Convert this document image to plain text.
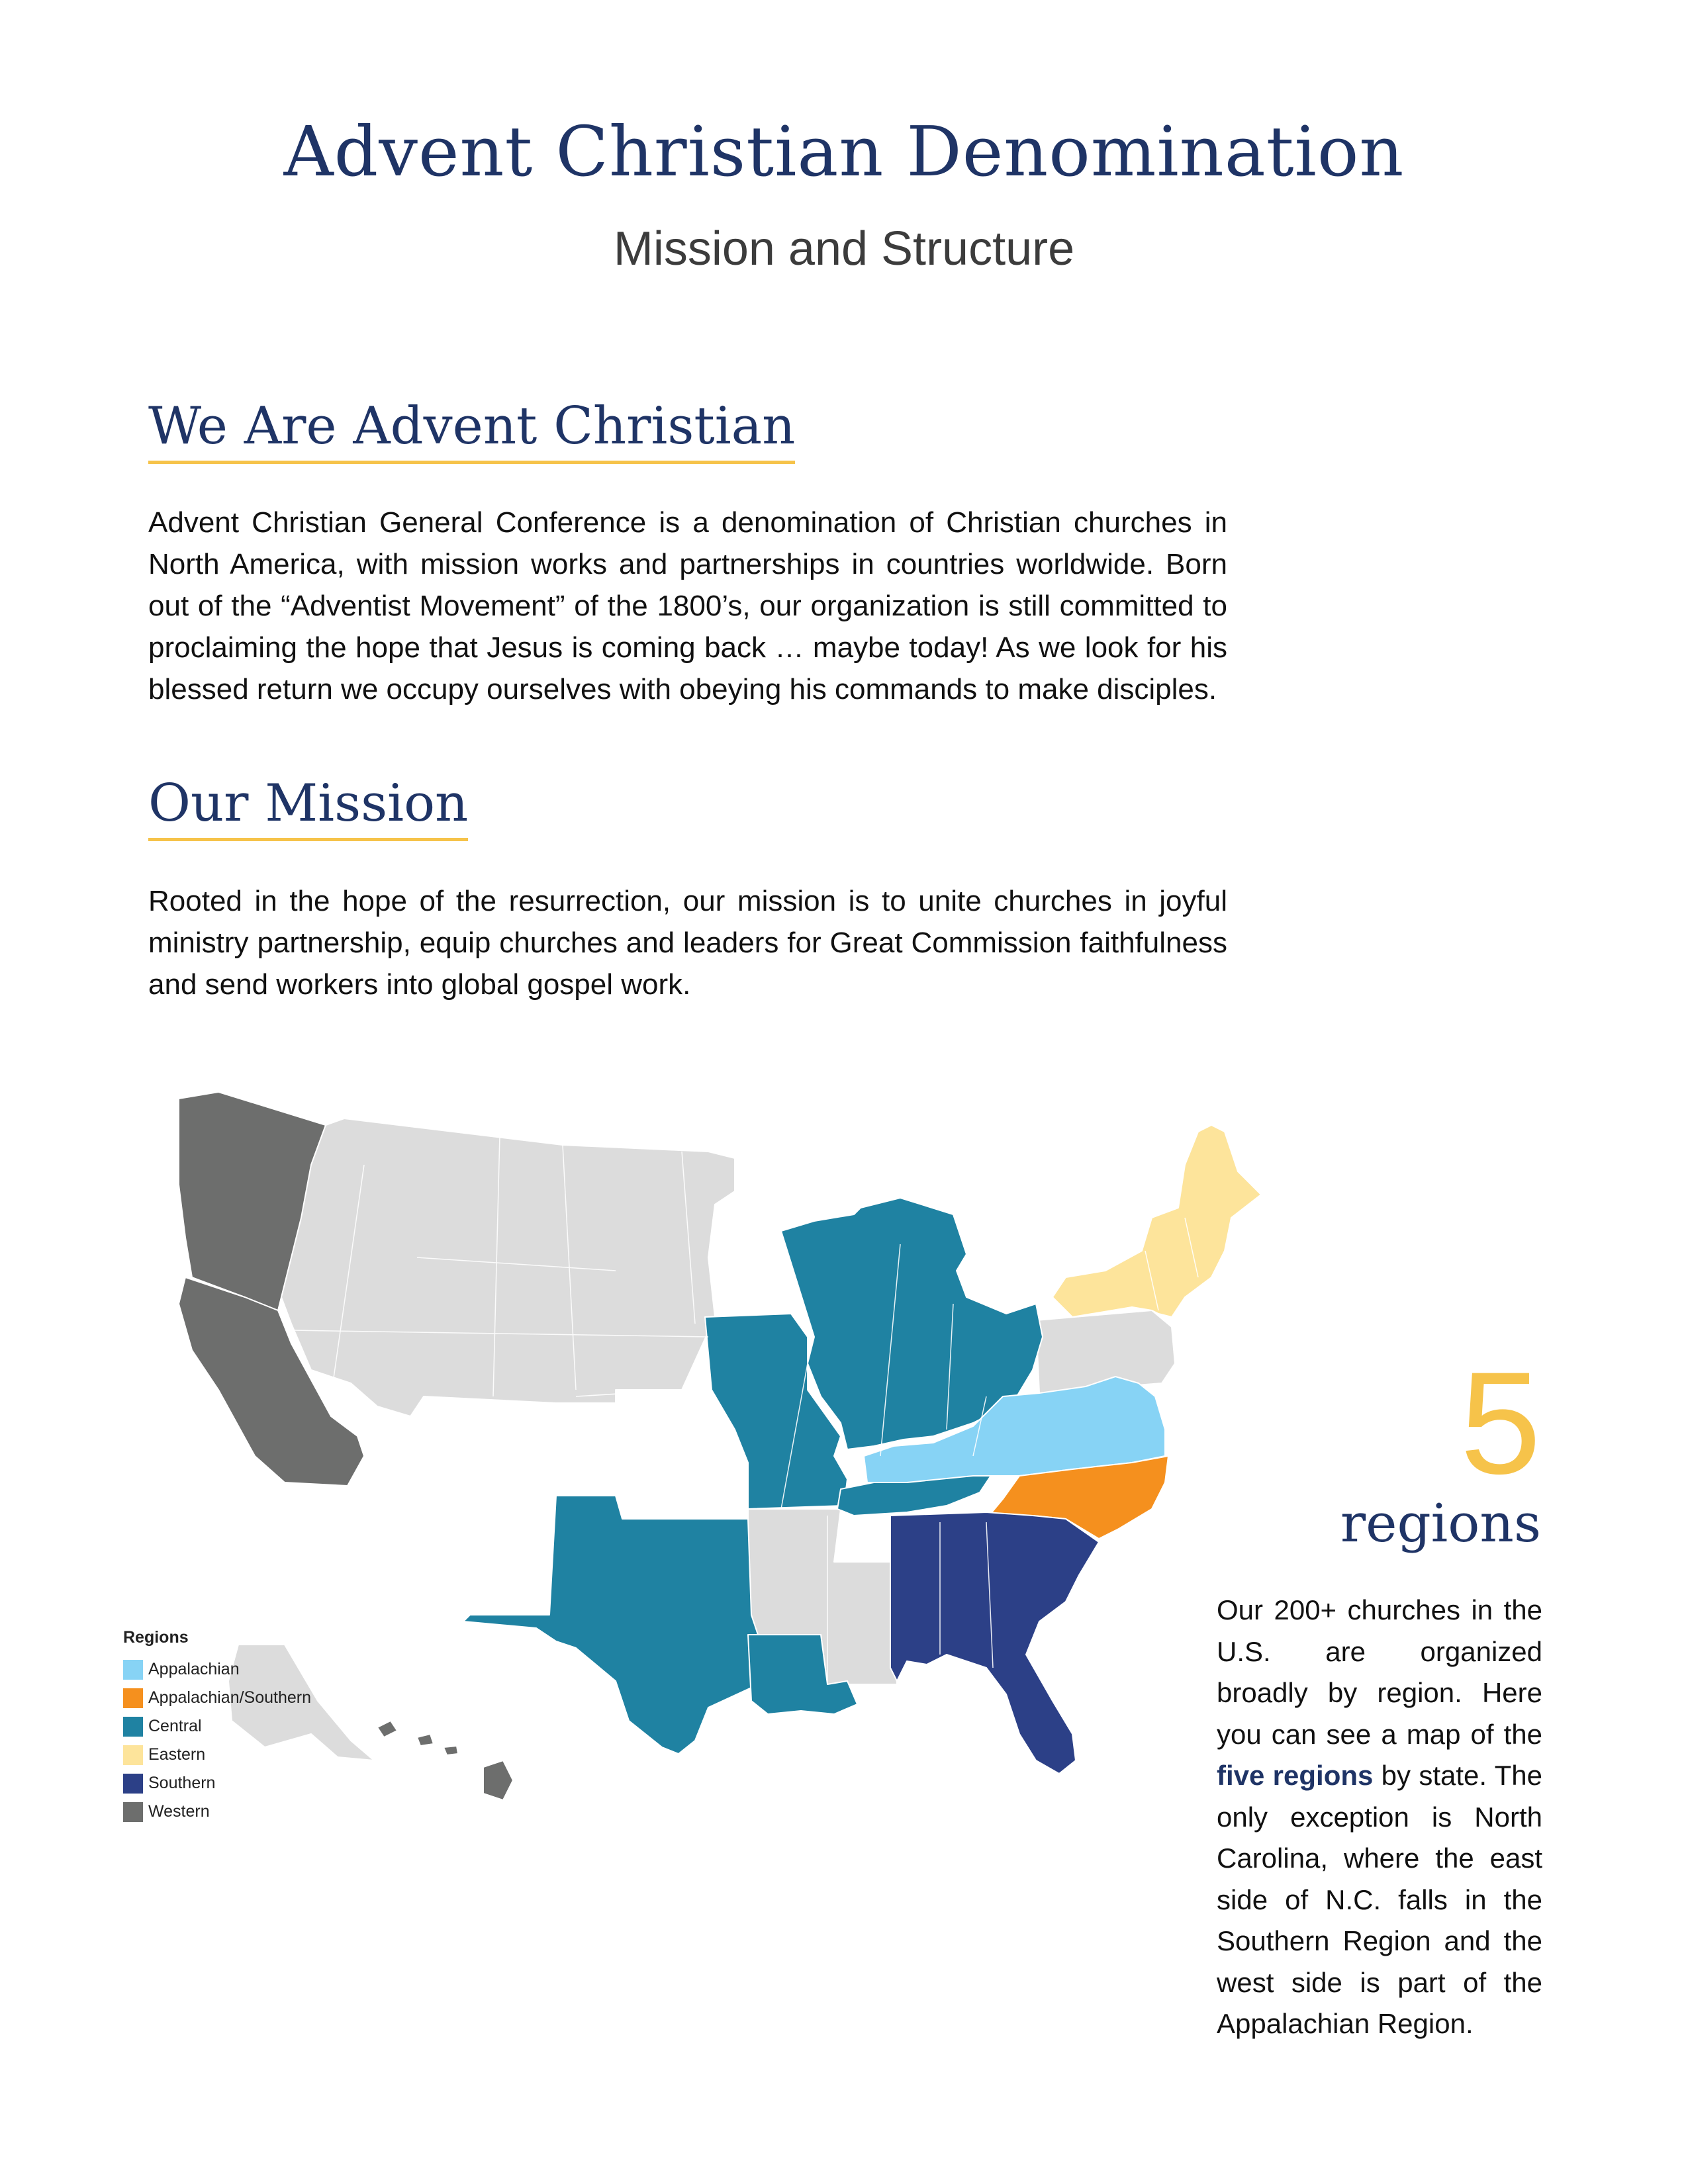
Advent Christian Denomination
Mission and Structure
We Are Advent Christian
Advent Christian General Conference is a denomination of Christian churches in North America, with mission works and partnerships in countries worldwide. Born out of the “Adventist Movement” of the 1800’s, our organization is still committed to proclaiming the hope that Jesus is coming back … maybe today! As we look for his blessed return we occupy ourselves with obeying his commands to make disciples.
Our Mission
Rooted in the hope of the resurrection, our mission is to unite churches in joyful ministry partnership, equip churches and leaders for Great Commission faithfulness and send workers into global gospel work.
Regions
Appalachian
Appalachian/Southern
Central
Eastern
Southern
Western
5
regions
Our 200+ churches in the U.S. are organized broadly by region. Here you can see a map of the five regions by state. The only exception is North Carolina, where the east side of N.C. falls in the Southern Region and the west side is part of the Appalachian Region.
